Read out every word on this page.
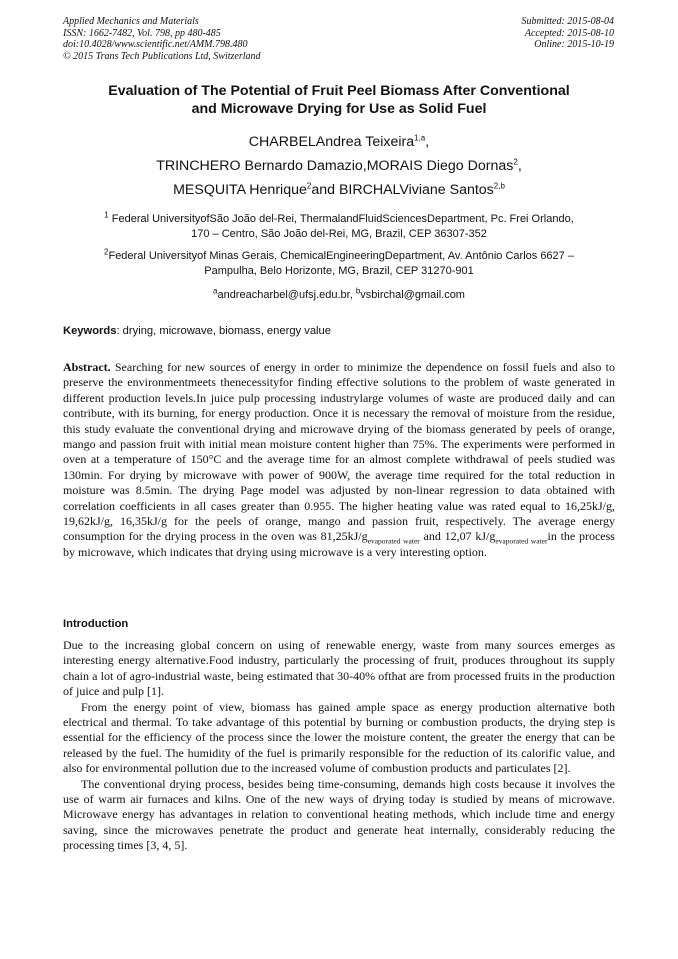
Applied Mechanics and Materials
ISSN: 1662-7482, Vol. 798, pp 480-485
doi:10.4028/www.scientific.net/AMM.798.480
© 2015 Trans Tech Publications Ltd, Switzerland
Submitted: 2015-08-04
Accepted: 2015-08-10
Online: 2015-10-19
Evaluation of The Potential of Fruit Peel Biomass After Conventional
and Microwave Drying for Use as Solid Fuel
CHARBELAndrea Teixeira$^{1,a}$,
TRINCHERO Bernardo Damazio,MORAIS Diego Dornas$^2$,
MESQUITA Henrique$^2$and BIRCHALViviane Santos$^{2,b}$
$^1$ Federal UniversityofSão João del-Rei, ThermalandFluidSciencesDepartment, Pc. Frei Orlando,
170 – Centro, São João del-Rei, MG, Brazil, CEP 36307-352
$^2$Federal Universityof Minas Gerais, ChemicalEngineeringDepartment, Av. Antônio Carlos 6627 –
Pampulha, Belo Horizonte, MG, Brazil, CEP 31270-901
$^a$andreacharbel@ufsj.edu.br, $^b$vsbirchal@gmail.com
Keywords: drying, microwave, biomass, energy value
Abstract. Searching for new sources of energy in order to minimize the dependence on fossil fuels and also to preserve the environmentmeets thenecessityfor finding effective solutions to the problem of waste generated in different production levels.In juice pulp processing industrylarge volumes of waste are produced daily and can contribute, with its burning, for energy production. Once it is necessary the removal of moisture from the residue, this study evaluate the conventional drying and microwave drying of the biomass generated by peels of orange, mango and passion fruit with initial mean moisture content higher than 75%. The experiments were performed in oven at a temperature of 150°C and the average time for an almost complete withdrawal of peels studied was 130min. For drying by microwave with power of 900W, the average time required for the total reduction in moisture was 8.5min. The drying Page model was adjusted by non-linear regression to data obtained with correlation coefficients in all cases greater than 0.955. The higher heating value was rated equal to 16,25kJ/g, 19,62kJ/g, 16,35kJ/g for the peels of orange, mango and passion fruit, respectively. The average energy consumption for the drying process in the oven was $81,25kJ/g_{evaporated water}$ and 12,07 $kJ/g_{evaporated water}in$ the process by microwave, which indicates that drying using microwave is a very interesting option.
Introduction

Due to the increasing global concern on using of renewable energy, waste from many sources emerges as interesting energy alternative.Food industry, particularly the processing of fruit, produces throughout its supply chain a lot of agro-industrial waste, being estimated that 30-40% ofthat are from processed fruits in the production of juice and pulp [1].

From the energy point of view, biomass has gained ample space as energy production alternative both electrical and thermal. To take advantage of this potential by burning or combustion products, the drying step is essential for the efficiency of the process since the lower the moisture content, the greater the energy that can be released by the fuel. The humidity of the fuel is primarily responsible for the reduction of its calorific value, and also for environmental pollution due to the increased volume of combustion products and particulates [2].

The conventional drying process, besides being time-consuming, demands high costs because it involves the use of warm air furnaces and kilns. One of the new ways of drying today is studied by means of microwave. Microwave energy has advantages in relation to conventional heating methods, which include time and energy saving, since the microwaves penetrate the product and generate heat internally, considerably reducing the processing times [3, 4, 5].
